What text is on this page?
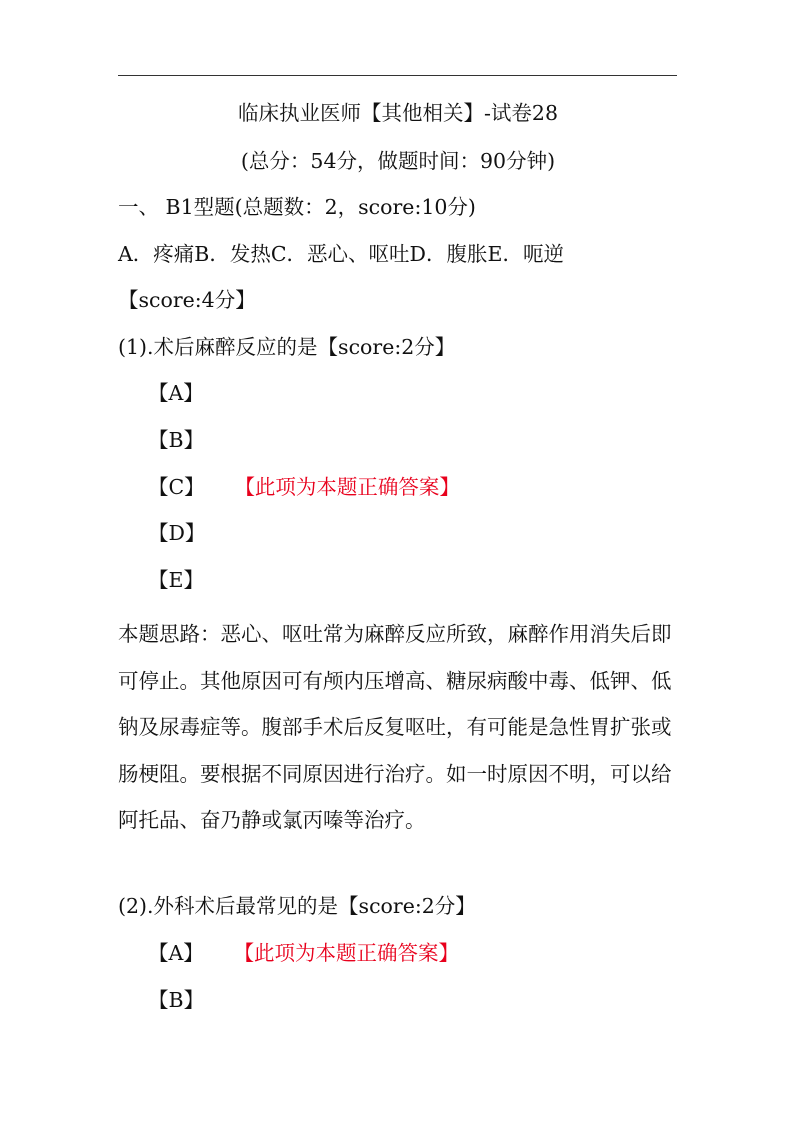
临床执业医师【其他相关】-试卷28
(总分：54分，做题时间：90分钟)
一、 B1型题(总题数：2，score:10分)
A．疼痛B．发热C．恶心、呕吐D．腹胀E．呃逆
【score:4分】
(1).术后麻醉反应的是【score:2分】
【A】
【B】
【C】 【此项为本题正确答案】
【D】
【E】
本题思路：恶心、呕吐常为麻醉反应所致，麻醉作用消失后即可停止。其他原因可有颅内压增高、糖尿病酸中毒、低钾、低钠及尿毒症等。腹部手术后反复呕吐，有可能是急性胃扩张或肠梗阻。要根据不同原因进行治疗。如一时原因不明，可以给阿托品、奋乃静或氯丙嗪等治疗。
(2).外科术后最常见的是【score:2分】
【A】 【此项为本题正确答案】
【B】
